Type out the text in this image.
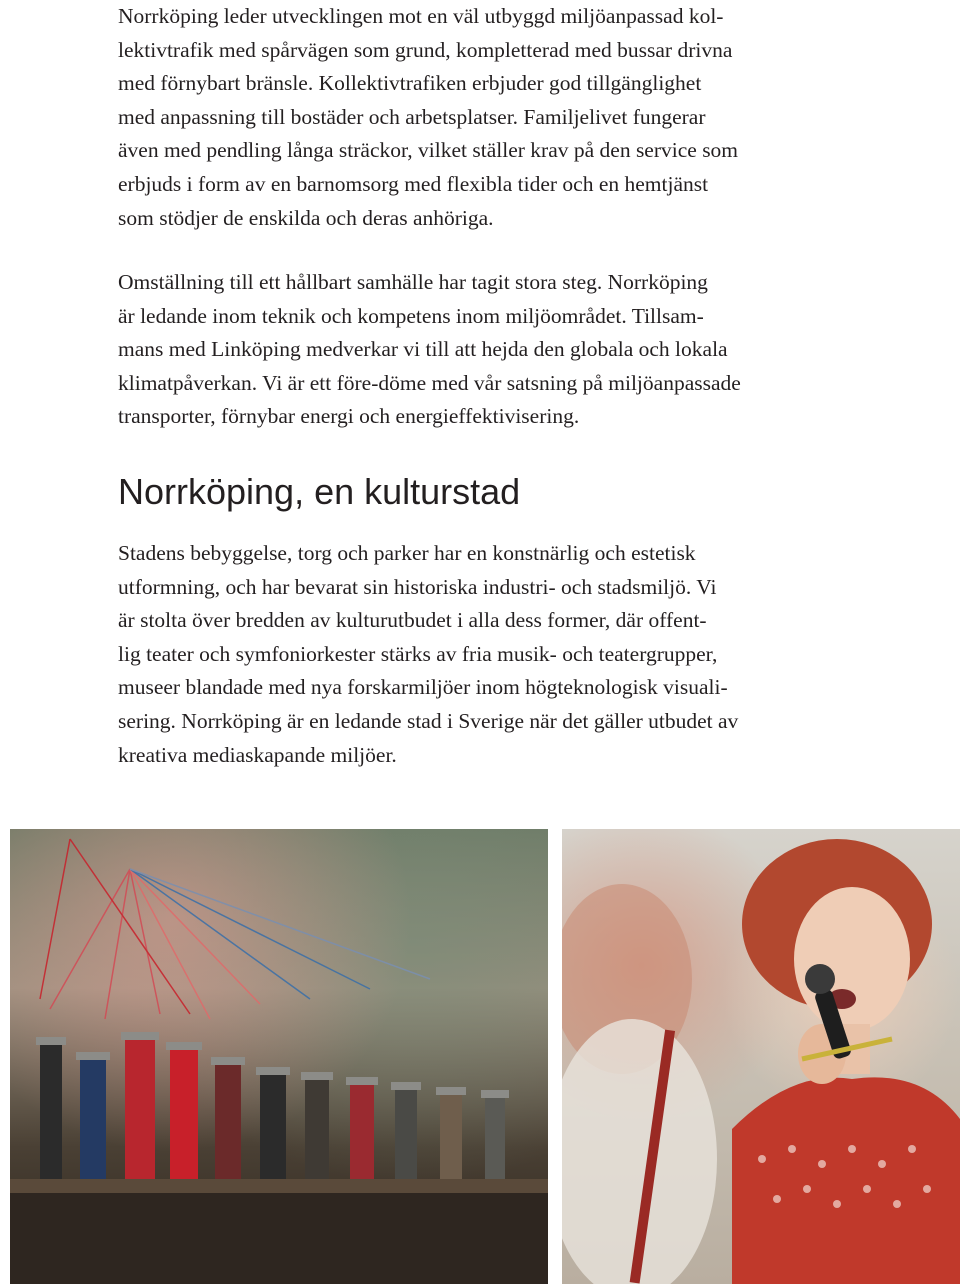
Norrköping leder utvecklingen mot en väl utbyggd miljöanpassad kol-
lektivtrafik med spårvägen som grund, kompletterad med bussar drivna
med förnybart bränsle. Kollektivtrafiken erbjuder god tillgänglighet
med anpassning till bostäder och arbetsplatser. Familjelivet fungerar
även med pendling långa sträckor, vilket ställer krav på den service som
erbjuds i form av en barnomsorg med flexibla tider och en hemtjänst
som stödjer de enskilda och deras anhöriga.

Omställning till ett hållbart samhälle har tagit stora steg. Norrköping
är ledande inom teknik och kompetens inom miljöområdet. Tillsam-
mans med Linköping medverkar vi till att hejda den globala och lokala
klimatpåverkan. Vi är ett före-döme med vår satsning på miljöanpassade
transporter, förnybar energi och energieffektivisering.

Norrköping, en kulturstad

Stadens bebyggelse, torg och parker har en konstnärlig och estetisk
utformning, och har bevarat sin historiska industri- och stadsmiljö. Vi
är stolta över bredden av kulturutbudet i alla dess former, där offent-
lig teater och symfoniorkester stärks av fria musik- och teatergrupper,
museer blandade med nya forskarmiljöer inom högteknologisk visuali-
sering. Norrköping är en ledande stad i Sverige när det gäller utbudet av
kreativa mediaskapande miljöer.
